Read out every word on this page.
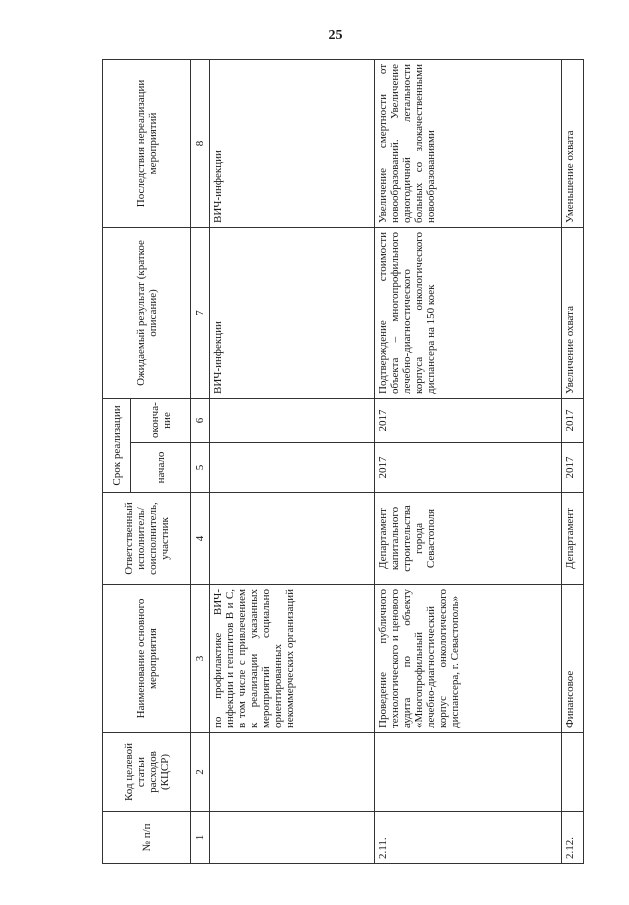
25
№ п/п	Код целевой статьи расходов (КЦСР)	Наименование основного мероприятия	Ответственный исполнитель/ соисполнитель, участник	Срок реализации		Ожидаемый результат (краткое описание)	Последствия нереализации мероприятий
				начало	оконча-ние		
1	2	3	4	5	6	7	8
		по профилактике ВИЧ-инфекции и гепатитов В и С, в том числе с привлечением к реализации указанных мероприятий социально ориентированных некоммерческих организаций				ВИЧ-инфекции	ВИЧ-инфекции
2.11.		Проведение публичного технологического и ценового аудита по объекту «Многопрофильный лечебно-диагностический корпус онкологического диспансера, г. Севастополь»	Департамент капитального строительства города Севастополя	2017	2017	Подтверждение стоимости объекта – многопрофильного лечебно-диагностического корпуса онкологического диспансера на 150 коек	Увеличение смертности от новообразований. Увеличение одногодичной летальности больных со злокачественными новообразованиями
2.12.		Финансовое	Департамент	2017	2017	Увеличение охвата	Уменьшение охвата
